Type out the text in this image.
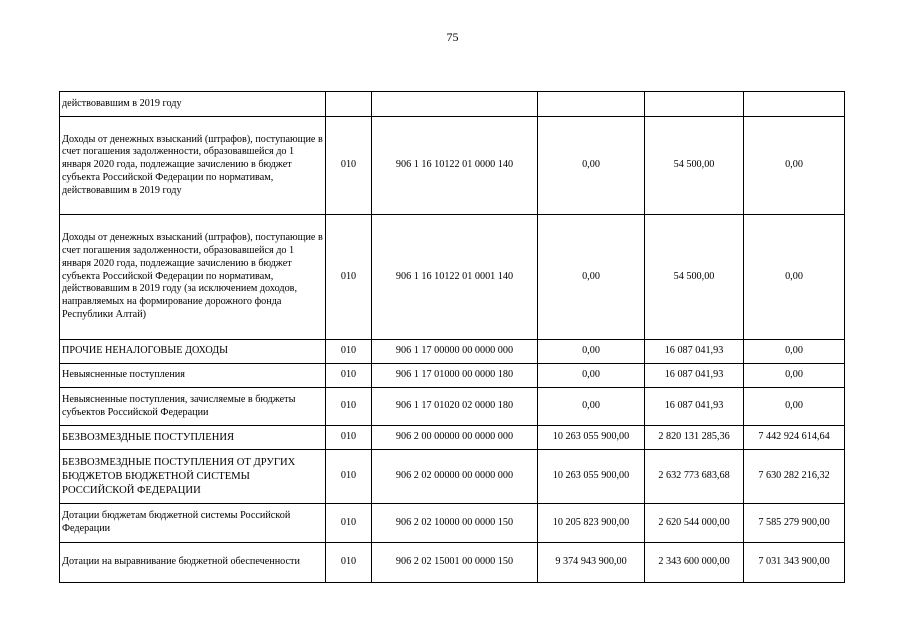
75
действовавшим в 2019 году					
Доходы от денежных взысканий (штрафов), поступающие в счет погашения задолженности, образовавшейся до 1 января 2020 года, подлежащие зачислению в бюджет субъекта Российской Федерации по нормативам, действовавшим в 2019 году	010	906 1 16 10122 01 0000 140	0,00	54 500,00	0,00
Доходы от денежных взысканий (штрафов), поступающие в счет погашения задолженности, образовавшейся до 1 января 2020 года, подлежащие зачислению в бюджет субъекта Российской Федерации по нормативам, действовавшим в 2019 году (за исключением доходов, направляемых на формирование дорожного фонда Республики Алтай)	010	906 1 16 10122 01 0001 140	0,00	54 500,00	0,00
ПРОЧИЕ НЕНАЛОГОВЫЕ ДОХОДЫ	010	906 1 17 00000 00 0000 000	0,00	16 087 041,93	0,00
Невыясненные поступления	010	906 1 17 01000 00 0000 180	0,00	16 087 041,93	0,00
Невыясненные поступления, зачисляемые в бюджеты субъектов Российской Федерации	010	906 1 17 01020 02 0000 180	0,00	16 087 041,93	0,00
БЕЗВОЗМЕЗДНЫЕ ПОСТУПЛЕНИЯ	010	906 2 00 00000 00 0000 000	10 263 055 900,00	2 820 131 285,36	7 442 924 614,64
БЕЗВОЗМЕЗДНЫЕ ПОСТУПЛЕНИЯ ОТ ДРУГИХ БЮДЖЕТОВ БЮДЖЕТНОЙ СИСТЕМЫ РОССИЙСКОЙ ФЕДЕРАЦИИ	010	906 2 02 00000 00 0000 000	10 263 055 900,00	2 632 773 683,68	7 630 282 216,32
Дотации бюджетам бюджетной системы Российской Федерации	010	906 2 02 10000 00 0000 150	10 205 823 900,00	2 620 544 000,00	7 585 279 900,00
Дотации на выравнивание бюджетной обеспеченности	010	906 2 02 15001 00 0000 150	9 374 943 900,00	2 343 600 000,00	7 031 343 900,00
